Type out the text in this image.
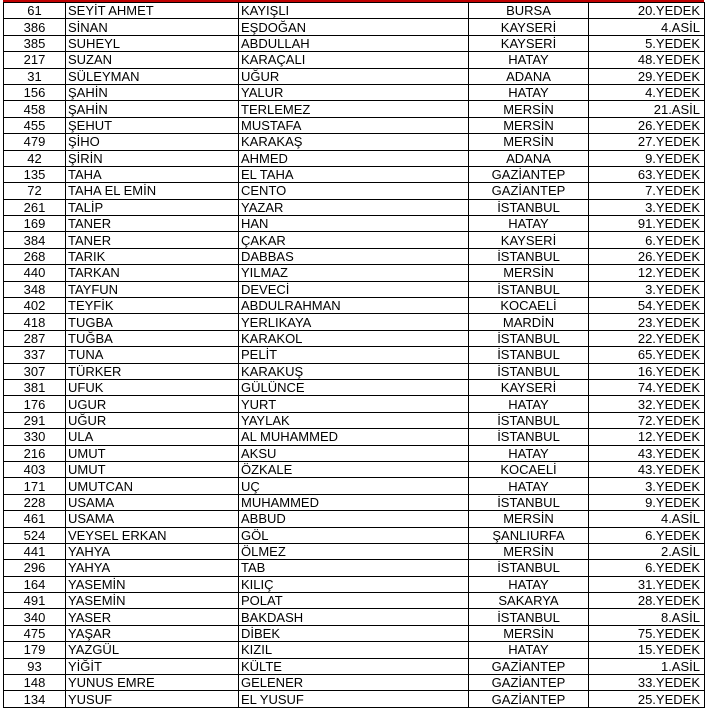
61	SEYİT AHMET	KAYIŞLI	BURSA	20.YEDEK
386	SİNAN	EŞDOĞAN	KAYSERİ	4.ASİL
385	SUHEYL	ABDULLAH	KAYSERİ	5.YEDEK
217	SUZAN	KARAÇALI	HATAY	48.YEDEK
31	SÜLEYMAN	UĞUR	ADANA	29.YEDEK
156	ŞAHİN	YALUR	HATAY	4.YEDEK
458	ŞAHİN	TERLEMEZ	MERSİN	21.ASİL
455	ŞEHUT	MUSTAFA	MERSİN	26.YEDEK
479	ŞİHO	KARAKAŞ	MERSİN	27.YEDEK
42	ŞİRİN	AHMED	ADANA	9.YEDEK
135	TAHA	EL TAHA	GAZİANTEP	63.YEDEK
72	TAHA EL EMİN	CENTO	GAZİANTEP	7.YEDEK
261	TALİP	YAZAR	İSTANBUL	3.YEDEK
169	TANER	HAN	HATAY	91.YEDEK
384	TANER	ÇAKAR	KAYSERİ	6.YEDEK
268	TARIK	DABBAS	İSTANBUL	26.YEDEK
440	TARKAN	YILMAZ	MERSİN	12.YEDEK
348	TAYFUN	DEVECİ	İSTANBUL	3.YEDEK
402	TEYFİK	ABDULRAHMAN	KOCAELİ	54.YEDEK
418	TUGBA	YERLIKAYA	MARDİN	23.YEDEK
287	TUĞBA	KARAKOL	İSTANBUL	22.YEDEK
337	TUNA	PELİT	İSTANBUL	65.YEDEK
307	TÜRKER	KARAKUŞ	İSTANBUL	16.YEDEK
381	UFUK	GÜLÜNCE	KAYSERİ	74.YEDEK
176	UGUR	YURT	HATAY	32.YEDEK
291	UĞUR	YAYLAK	İSTANBUL	72.YEDEK
330	ULA	AL MUHAMMED	İSTANBUL	12.YEDEK
216	UMUT	AKSU	HATAY	43.YEDEK
403	UMUT	ÖZKALE	KOCAELİ	43.YEDEK
171	UMUTCAN	UÇ	HATAY	3.YEDEK
228	USAMA	MUHAMMED	İSTANBUL	9.YEDEK
461	USAMA	ABBUD	MERSİN	4.ASİL
524	VEYSEL ERKAN	GÖL	ŞANLIURFA	6.YEDEK
441	YAHYA	ÖLMEZ	MERSİN	2.ASİL
296	YAHYA	TAB	İSTANBUL	6.YEDEK
164	YASEMİN	KILIÇ	HATAY	31.YEDEK
491	YASEMİN	POLAT	SAKARYA	28.YEDEK
340	YASER	BAKDASH	İSTANBUL	8.ASİL
475	YAŞAR	DİBEK	MERSİN	75.YEDEK
179	YAZGÜL	KIZIL	HATAY	15.YEDEK
93	YİĞİT	KÜLTE	GAZİANTEP	1.ASİL
148	YUNUS EMRE	GELENER	GAZİANTEP	33.YEDEK
134	YUSUF	EL YUSUF	GAZİANTEP	25.YEDEK
